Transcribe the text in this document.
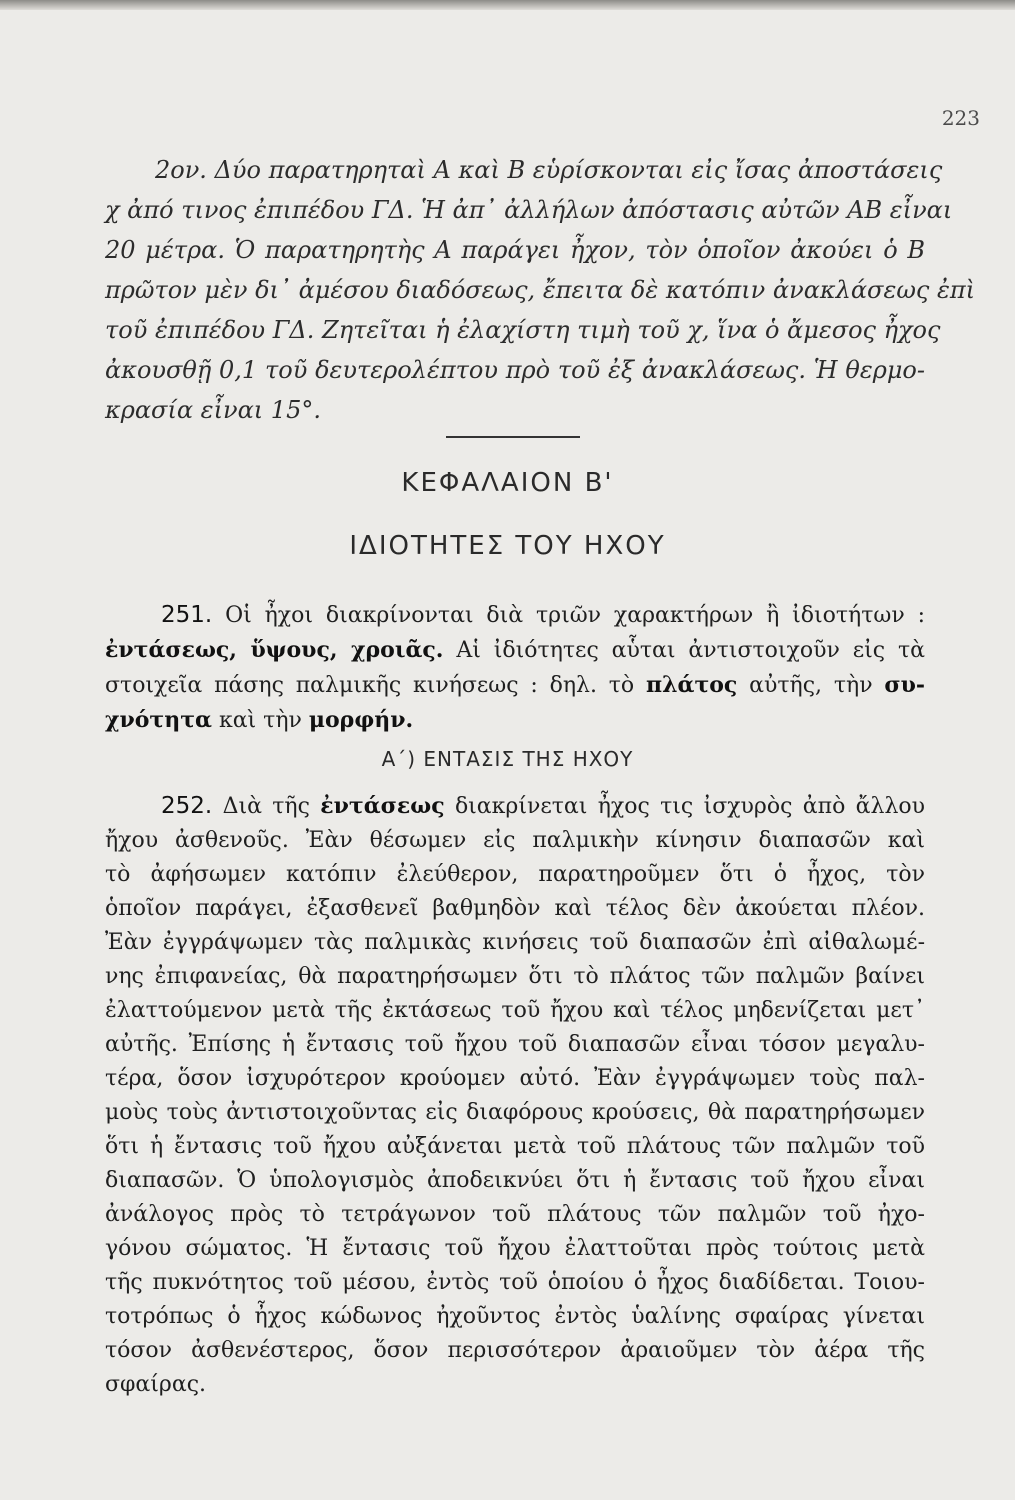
223
2ον. Δύο παρατηρηταὶ Α καὶ Β εὑρίσκονται εἰς ἴσας ἀποστάσεις
χ ἀπό τινος ἐπιπέδου ΓΔ. Ἡ ἀπ᾽ ἀλλήλων ἀπόστασις αὐτῶν ΑΒ εἶναι
20 μέτρα. Ὁ παρατηρητὴς Α παράγει ἦχον, τὸν ὁποῖον ἀκούει ὁ Β
πρῶτον μὲν δι᾽ ἀμέσου διαδόσεως, ἔπειτα δὲ κατόπιν ἀνακλάσεως ἐπὶ
τοῦ ἐπιπέδου ΓΔ. Ζητεῖται ἡ ἐλαχίστη τιμὴ τοῦ χ, ἵνα ὁ ἄμεσος ἦχος
ἀκουσθῇ 0,1 τοῦ δευτερολέπτου πρὸ τοῦ ἐξ ἀνακλάσεως. Ἡ θερμο-
κρασία εἶναι 15°.
ΚΕΦΑΛΑΙΟΝ Β'
ΙΔΙΟΤΗΤΕΣ ΤΟΥ ΗΧΟΥ
251. Οἱ ἦχοι διακρίνονται διὰ τριῶν χαρακτήρων ἢ ἰδιοτήτων :
ἐντάσεως, ὕψους, χροιᾶς. Αἱ ἰδιότητες αὗται ἀντιστοιχοῦν εἰς τὰ
στοιχεῖα πάσης παλμικῆς κινήσεως : δηλ. τὸ πλάτος αὐτῆς, τὴν συ-
χνότητα καὶ τὴν μορφήν.
Α΄) ΕΝΤΑΣΙΣ ΤΗΣ ΗΧΟΥ
252. Διὰ τῆς ἐντάσεως διακρίνεται ἦχος τις ἰσχυρὸς ἀπὸ ἄλλου
ἤχου ἀσθενοῦς. Ἐὰν θέσωμεν εἰς παλμικὴν κίνησιν διαπασῶν καὶ
τὸ ἀφήσωμεν κατόπιν ἐλεύθερον, παρατηροῦμεν ὅτι ὁ ἦχος, τὸν
ὁποῖον παράγει, ἐξασθενεῖ βαθμηδὸν καὶ τέλος δὲν ἀκούεται πλέον.
Ἐὰν ἐγγράψωμεν τὰς παλμικὰς κινήσεις τοῦ διαπασῶν ἐπὶ αἰθαλωμέ-
νης ἐπιφανείας, θὰ παρατηρήσωμεν ὅτι τὸ πλάτος τῶν παλμῶν βαίνει
ἐλαττούμενον μετὰ τῆς ἐκτάσεως τοῦ ἤχου καὶ τέλος μηδενίζεται μετ᾽
αὐτῆς. Ἐπίσης ἡ ἔντασις τοῦ ἤχου τοῦ διαπασῶν εἶναι τόσον μεγαλυ-
τέρα, ὅσον ἰσχυρότερον κρούομεν αὐτό. Ἐὰν ἐγγράψωμεν τοὺς παλ-
μοὺς τοὺς ἀντιστοιχοῦντας εἰς διαφόρους κρούσεις, θὰ παρατηρήσωμεν
ὅτι ἡ ἔντασις τοῦ ἤχου αὐξάνεται μετὰ τοῦ πλάτους τῶν παλμῶν τοῦ
διαπασῶν. Ὁ ὑπολογισμὸς ἀποδεικνύει ὅτι ἡ ἔντασις τοῦ ἤχου εἶναι
ἀνάλογος πρὸς τὸ τετράγωνον τοῦ πλάτους τῶν παλμῶν τοῦ ἠχο-
γόνου σώματος. Ἡ ἔντασις τοῦ ἤχου ἐλαττοῦται πρὸς τούτοις μετὰ
τῆς πυκνότητος τοῦ μέσου, ἐντὸς τοῦ ὁποίου ὁ ἦχος διαδίδεται. Τοιου-
τοτρόπως ὁ ἦχος κώδωνος ἠχοῦντος ἐντὸς ὑαλίνης σφαίρας γίνεται
τόσον ἀσθενέστερος, ὅσον περισσότερον ἀραιοῦμεν τὸν ἀέρα τῆς
σφαίρας.
